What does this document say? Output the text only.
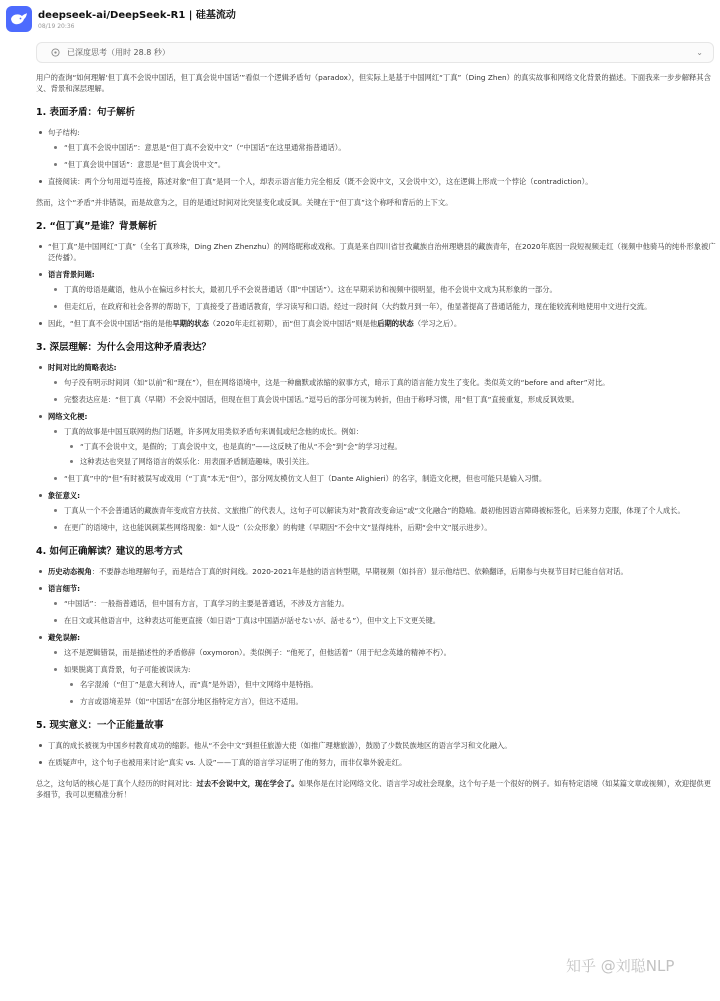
deepseek-ai/DeepSeek-R1 | 硅基流动
08/19 20:36
已深度思考（用时 28.8 秒）	⌄

用户的查询“如何理解‘但丁真不会说中国话，但丁真会说中国话’”看似一个逻辑矛盾句（paradox），但实际上是基于中国网红“丁真”（Ding Zhen）的真实故事和网络文化背景的描述。下面我来一步步解释其含义、背景和深层理解。

1. 表面矛盾：句子解析
句子结构:
“但丁真不会说中国话”：意思是“但丁真不会说中文”（“中国话”在这里通常指普通话）。
“但丁真会说中国话”：意思是“但丁真会说中文”。
直接阅读：两个分句用逗号连接，陈述对象“但丁真”是同一个人，却表示语言能力完全相反（既不会说中文，又会说中文），这在逻辑上形成一个悖论（contradiction）。

然而，这个“矛盾”并非错误，而是故意为之，目的是通过时间对比突显变化或反讽。关键在于“但丁真”这个称呼和背后的上下文。

2. “但丁真”是谁？背景解析
“但丁真”是中国网红“丁真”（全名丁真珍珠，Ding Zhen Zhenzhu）的网络昵称或戏称。丁真是来自四川省甘孜藏族自治州理塘县的藏族青年，在2020年底因一段短视频走红（视频中他骑马的纯朴形象被广泛传播）。
语言背景问题:
丁真的母语是藏语，他从小在偏远乡村长大，最初几乎不会说普通话（即“中国话”）。这在早期采访和视频中很明显，他不会说中文成为其形象的一部分。
但走红后，在政府和社会各界的帮助下，丁真接受了普通话教育，学习读写和口语。经过一段时间（大约数月到一年），他显著提高了普通话能力，现在能较流利地使用中文进行交流。
因此，“但丁真不会说中国话”指的是他早期的状态（2020年走红初期），而“但丁真会说中国话”则是他后期的状态（学习之后）。
3. 深层理解：为什么会用这种矛盾表达？
时间对比的简略表达:
句子没有明示时间词（如“以前”和“现在”），但在网络语境中，这是一种幽默或浓缩的叙事方式，暗示丁真的语言能力发生了变化。类似英文的“before and after”对比。
完整表达应是：“但丁真（早期）不会说中国话，但现在但丁真会说中国话。”逗号后的部分可视为转折，但由于称呼习惯，用“但丁真”直接重复，形成反讽效果。
网络文化梗:
丁真的故事是中国互联网的热门话题，许多网友用类似矛盾句来调侃或纪念他的成长。例如：
“丁真不会说中文，是假的；丁真会说中文，也是真的”——这反映了他从“不会”到“会”的学习过程。
这种表达也突显了网络语言的娱乐化：用表面矛盾制造趣味，吸引关注。
“但丁真”中的“但”有时被误写或戏用（“丁真”本无“但”），部分网友模仿文人但丁（Dante Alighieri）的名字，制造文化梗，但也可能只是输入习惯。
象征意义:
丁真从一个不会普通话的藏族青年变成官方扶贫、文旅推广的代表人，这句子可以解读为对“教育改变命运”或“文化融合”的隐喻。最初他因语言障碍被标签化，后来努力克服，体现了个人成长。
在更广的语境中，这也能讽刺某些网络现象：如“人设”（公众形象）的构建（早期因“不会中文”显得纯朴，后期“会中文”展示进步）。
4. 如何正确解读？建议的思考方式
历史动态视角：不要静态地理解句子，而是结合丁真的时间线。2020-2021年是他的语言转型期，早期视频（如抖音）显示他结巴、依赖翻译，后期参与央视节目时已能自信对话。
语言细节:
“中国话”：一般指普通话，但中国有方言，丁真学习的主要是普通话，不涉及方言能力。
在日文或其他语言中，这种表达可能更直接（如日语“丁真は中国語が話せないが、話せる”），但中文上下文更关键。
避免误解:
这不是逻辑错误，而是描述性的矛盾修辞（oxymoron）。类似例子：“他死了，但他活着”（用于纪念英雄的精神不朽）。
如果脱离丁真背景，句子可能被误读为:
名字混淆（“但丁”是意大利诗人，而“真”是外语），但中文网络中是特指。
方言或语境差异（如“中国话”在部分地区指特定方言），但这不适用。
5. 现实意义：一个正能量故事
丁真的成长被视为中国乡村教育成功的缩影。他从“不会中文”到担任旅游大使（如推广理塘旅游），鼓励了少数民族地区的语言学习和文化融入。
在质疑声中，这个句子也被用来讨论“真实 vs. 人设”——丁真的语言学习证明了他的努力，而非仅靠外貌走红。

总之，这句话的核心是丁真个人经历的时间对比：过去不会说中文，现在学会了。如果你是在讨论网络文化、语言学习或社会现象，这个句子是一个很好的例子。如有特定语境（如某篇文章或视频），欢迎提供更多细节，我可以更精准分析！

知乎 @刘聪NLP
